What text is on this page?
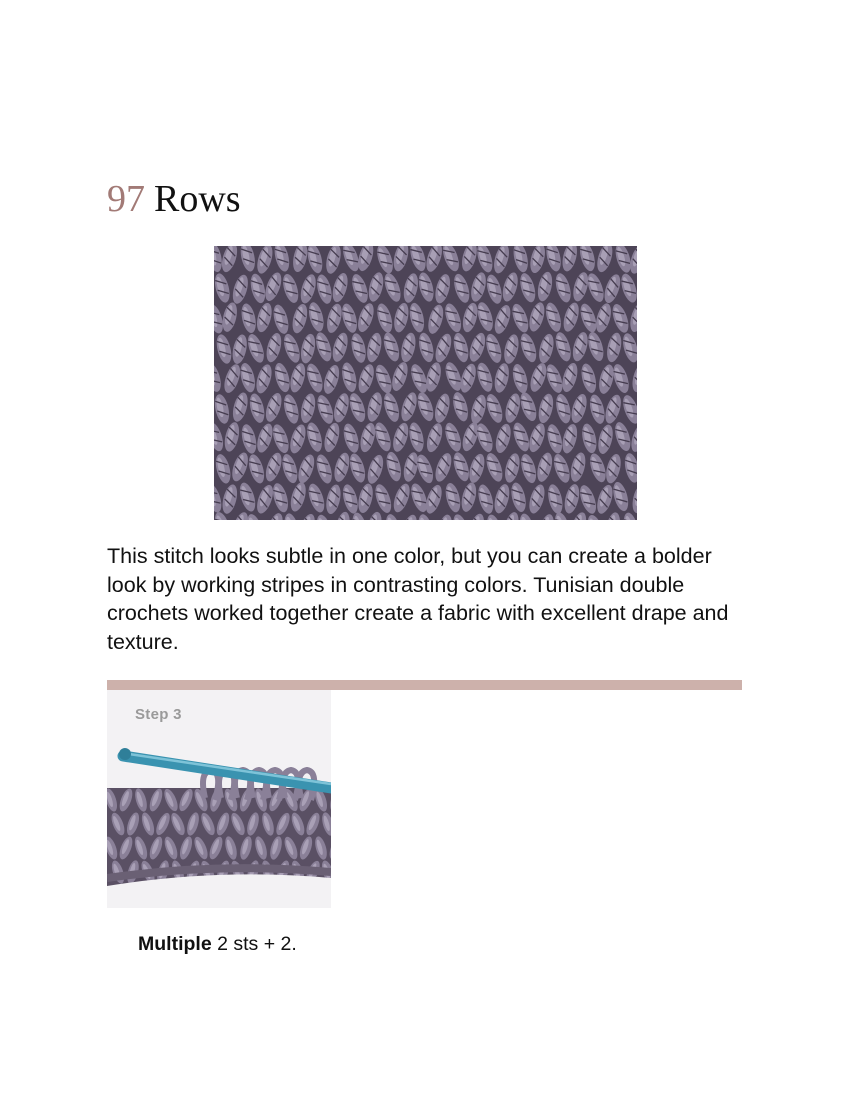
97 Rows

This stitch looks subtle in one color, but you can create a bolder look by working stripes in contrasting colors. Tunisian double crochets worked together create a fabric with excellent drape and texture.

Step 3

Multiple 2 sts + 2.
